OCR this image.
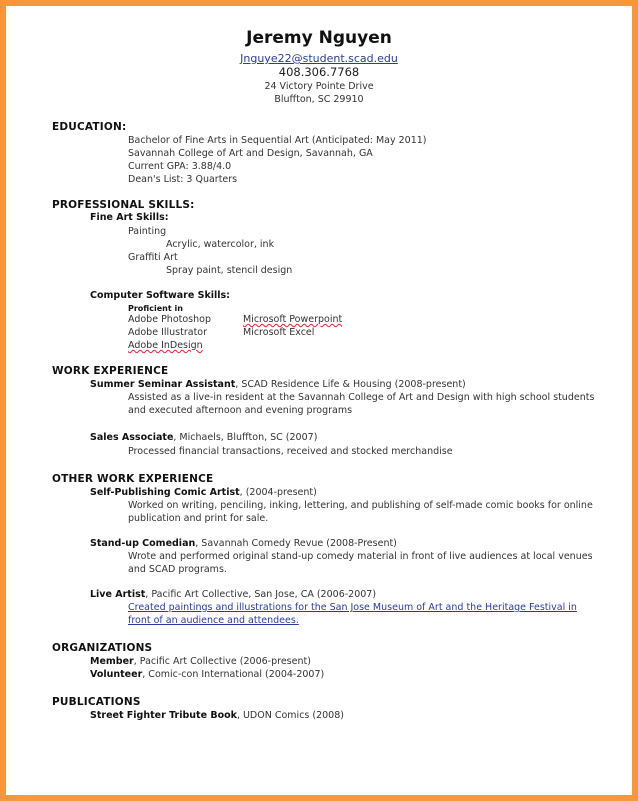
Jeremy Nguyen
Jnguye22@student.scad.edu
408.306.7768
24 Victory Pointe Drive
Bluffton, SC 29910
EDUCATION:
Bachelor of Fine Arts in Sequential Art (Anticipated: May 2011)
Savannah College of Art and Design, Savannah, GA
Current GPA: 3.88/4.0
Dean's List: 3 Quarters
PROFESSIONAL SKILLS:
Fine Art Skills:
Painting
Acrylic, watercolor, ink
Graffiti Art
Spray paint, stencil design
Computer Software Skills:
Proficient in
Adobe Photoshop
Adobe Illustrator
Adobe InDesign
Microsoft Powerpoint
Microsoft Excel
WORK EXPERIENCE
Summer Seminar Assistant, SCAD Residence Life & Housing (2008-present)
Assisted as a live-in resident at the Savannah College of Art and Design with high school students
and executed afternoon and evening programs
Sales Associate, Michaels, Bluffton, SC (2007)
Processed financial transactions, received and stocked merchandise
OTHER WORK EXPERIENCE
Self-Publishing Comic Artist, (2004-present)
Worked on writing, penciling, inking, lettering, and publishing of self-made comic books for online
publication and print for sale.
Stand-up Comedian, Savannah Comedy Revue (2008-Present)
Wrote and performed original stand-up comedy material in front of live audiences at local venues
and SCAD programs.
Live Artist, Pacific Art Collective, San Jose, CA (2006-2007)
Created paintings and illustrations for the San Jose Museum of Art and the Heritage Festival in
front of an audience and attendees.
ORGANIZATIONS
Member, Pacific Art Collective (2006-present)
Volunteer, Comic-con International (2004-2007)
PUBLICATIONS
Street Fighter Tribute Book, UDON Comics (2008)
